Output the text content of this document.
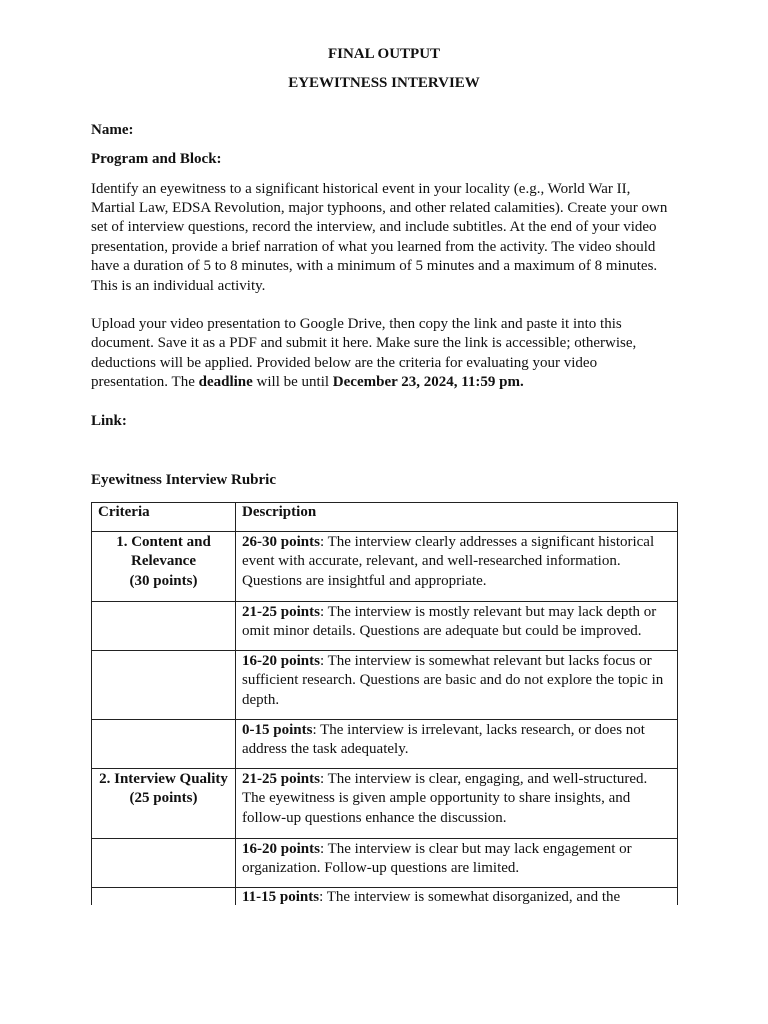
FINAL OUTPUT

EYEWITNESS INTERVIEW

Name:

Program and Block:

Identify an eyewitness to a significant historical event in your locality (e.g., World War II, Martial Law, EDSA Revolution, major typhoons, and other related calamities). Create your own set of interview questions, record the interview, and include subtitles. At the end of your video presentation, provide a brief narration of what you learned from the activity. The video should have a duration of 5 to 8 minutes, with a minimum of 5 minutes and a maximum of 8 minutes. This is an individual activity.

Upload your video presentation to Google Drive, then copy the link and paste it into this document. Save it as a PDF and submit it here. Make sure the link is accessible; otherwise, deductions will be applied. Provided below are the criteria for evaluating your video presentation. The deadline will be until December 23, 2024, 11:59 pm.

Link:

Eyewitness Interview Rubric

Criteria	Description

1. Content and Relevance
(30 points)	26-30 points: The interview clearly addresses a significant historical event with accurate, relevant, and well-researched information. Questions are insightful and appropriate.
	21-25 points: The interview is mostly relevant but may lack depth or omit minor details. Questions are adequate but could be improved.
	16-20 points: The interview is somewhat relevant but lacks focus or sufficient research. Questions are basic and do not explore the topic in depth.
	0-15 points: The interview is irrelevant, lacks research, or does not address the task adequately.

2. Interview Quality
(25 points)	21-25 points: The interview is clear, engaging, and well-structured. The eyewitness is given ample opportunity to share insights, and follow-up questions enhance the discussion.
	16-20 points: The interview is clear but may lack engagement or organization. Follow-up questions are limited.
	11-15 points: The interview is somewhat disorganized, and the
